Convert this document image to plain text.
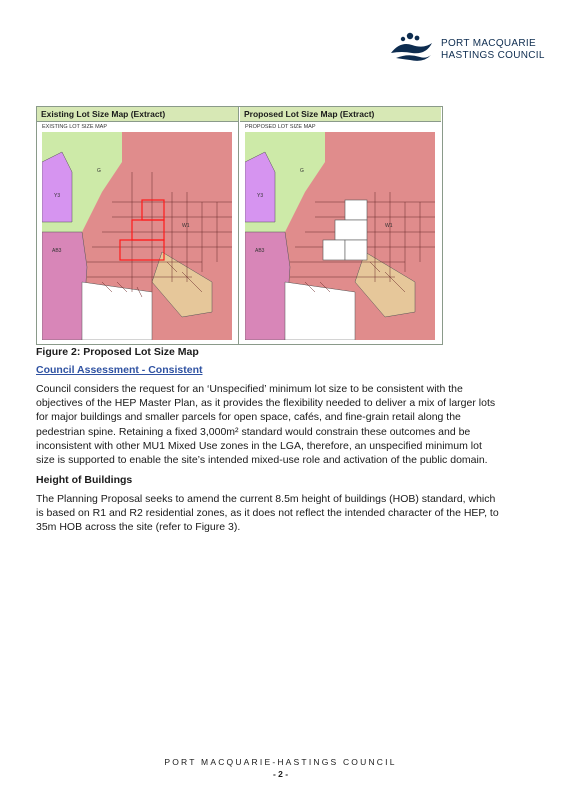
PORT MACQUARIE
HASTINGS COUNCIL
Existing Lot Size Map (Extract)
EXISTING LOT SIZE MAP
G
Y3
W1
AB3
Proposed Lot Size Map (Extract)
PROPOSED LOT SIZE MAP
G
Y3
W1
AB3
Figure 2: Proposed Lot Size Map
Council Assessment - Consistent
Council considers the request for an ‘Unspecified’ minimum lot size to be consistent with the
objectives of the HEP Master Plan, as it provides the flexibility needed to deliver a mix of larger lots
for major buildings and smaller parcels for open space, cafés, and fine-grain retail along the
pedestrian spine. Retaining a fixed 3,000m² standard would constrain these outcomes and be
inconsistent with other MU1 Mixed Use zones in the LGA, therefore, an unspecified minimum lot
size is supported to enable the site’s intended mixed-use role and activation of the public domain.
Height of Buildings
The Planning Proposal seeks to amend the current 8.5m height of buildings (HOB) standard, which
is based on R1 and R2 residential zones, as it does not reflect the intended character of the HEP, to
35m HOB across the site (refer to Figure 3).
PORT MACQUARIE-HASTINGS COUNCIL
- 2 -
